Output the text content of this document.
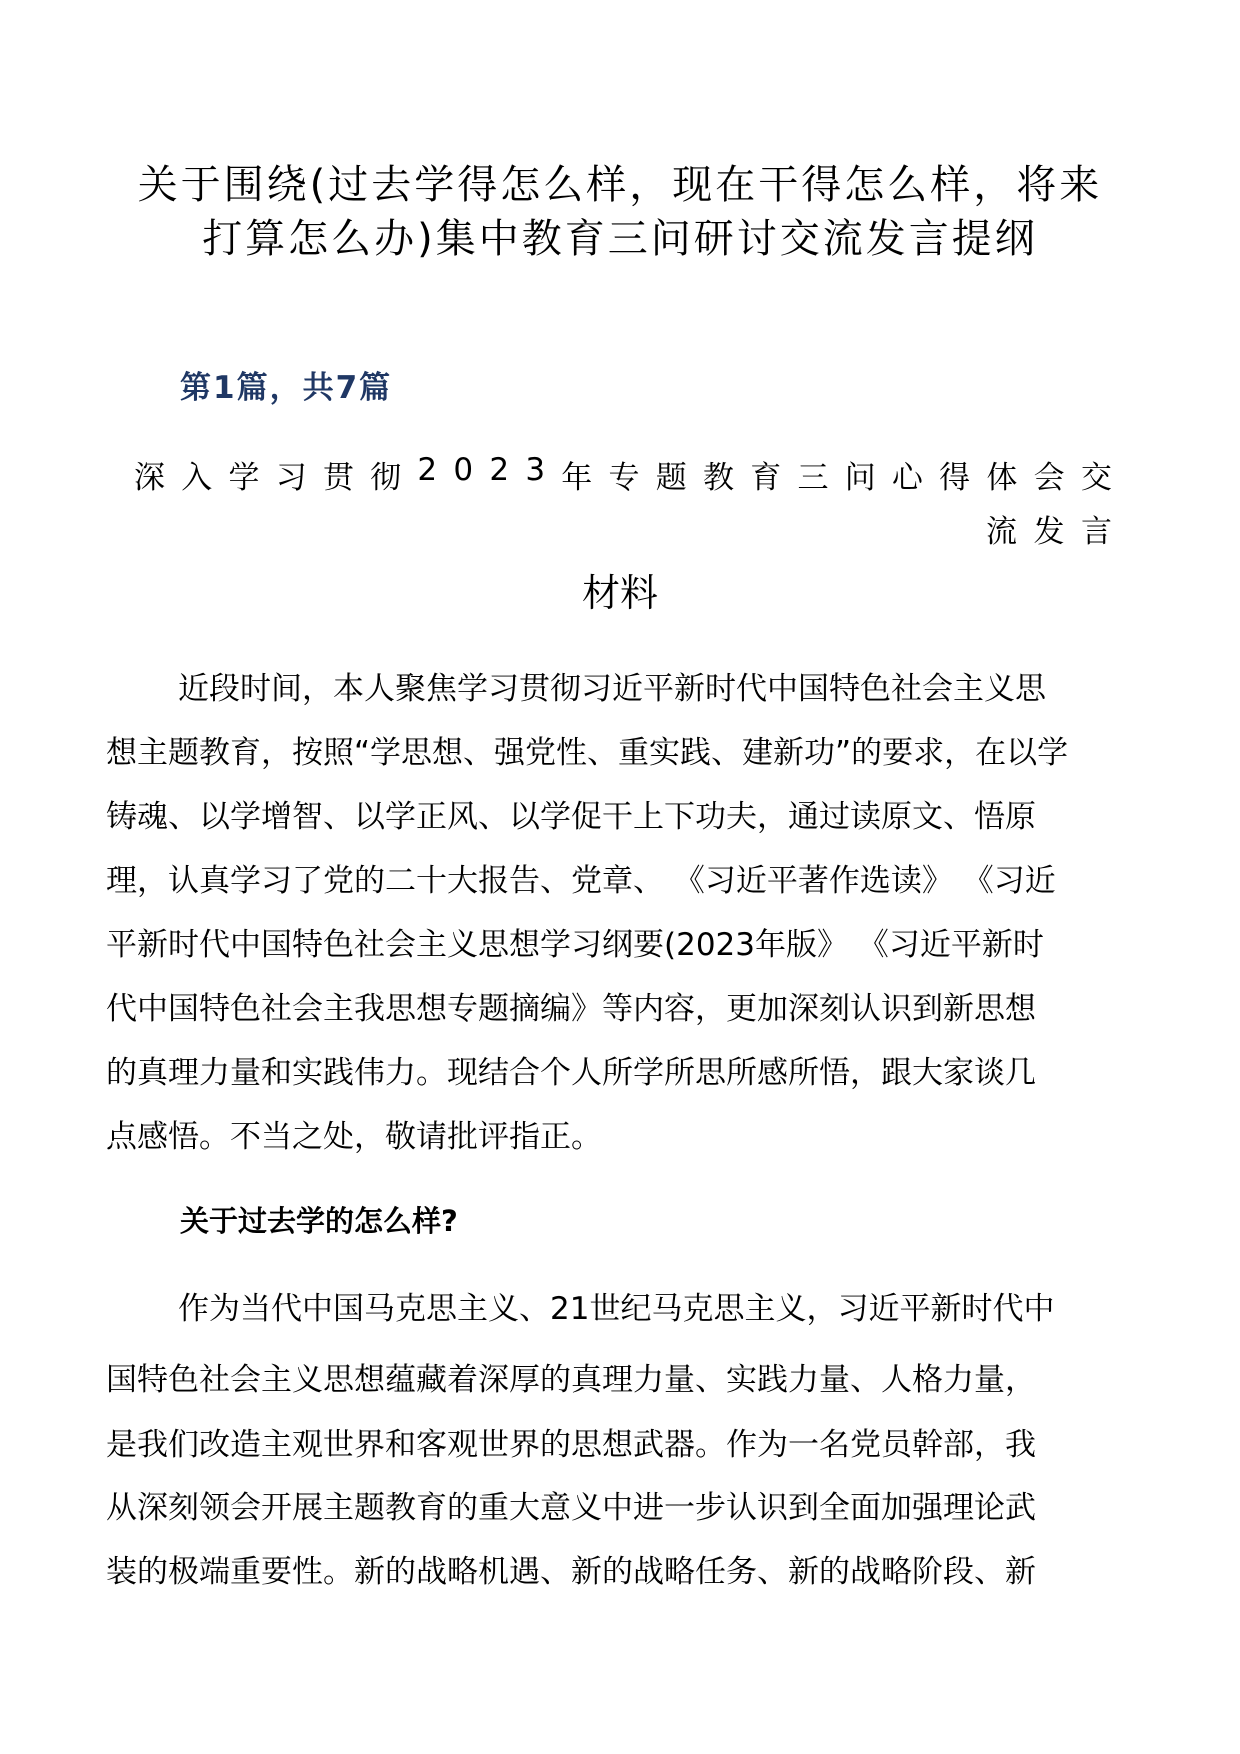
关于围绕(过去学得怎么样，现在干得怎么样，将来
打算怎么办)集中教育三问研讨交流发言提纲
第1篇，共7篇
深 入 学 习 贯 彻 2 0 2 3 年 专 题 教 育 三 问 心 得 体 会 交
流 发 言
材料
近段时间，本人聚焦学习贯彻习近平新时代中国特色社会主义思
想主题教育，按照“学思想、强党性、重实践、建新功”的要求，在以学
铸魂、以学增智、以学正风、以学促干上下功夫，通过读原文、悟原
理，认真学习了党的二十大报告、党章、 《习近平著作选读》 《习近
平新时代中国特色社会主义思想学习纲要(2023年版》 《习近平新时
代中国特色社会主我思想专题摘编》等内容，更加深刻认识到新思想
的真理力量和实践伟力。现结合个人所学所思所感所悟，跟大家谈几
点感悟。不当之处，敬请批评指正。
关于过去学的怎么样?
作为当代中国马克思主义、21世纪马克思主义，习近平新时代中
国特色社会主义思想蕴藏着深厚的真理力量、实践力量、人格力量，
是我们改造主观世界和客观世界的思想武器。作为一名党员幹部，我
从深刻领会开展主题教育的重大意义中进一步认识到全面加强理论武
装的极端重要性。新的战略机遇、新的战略任务、新的战略阶段、新
